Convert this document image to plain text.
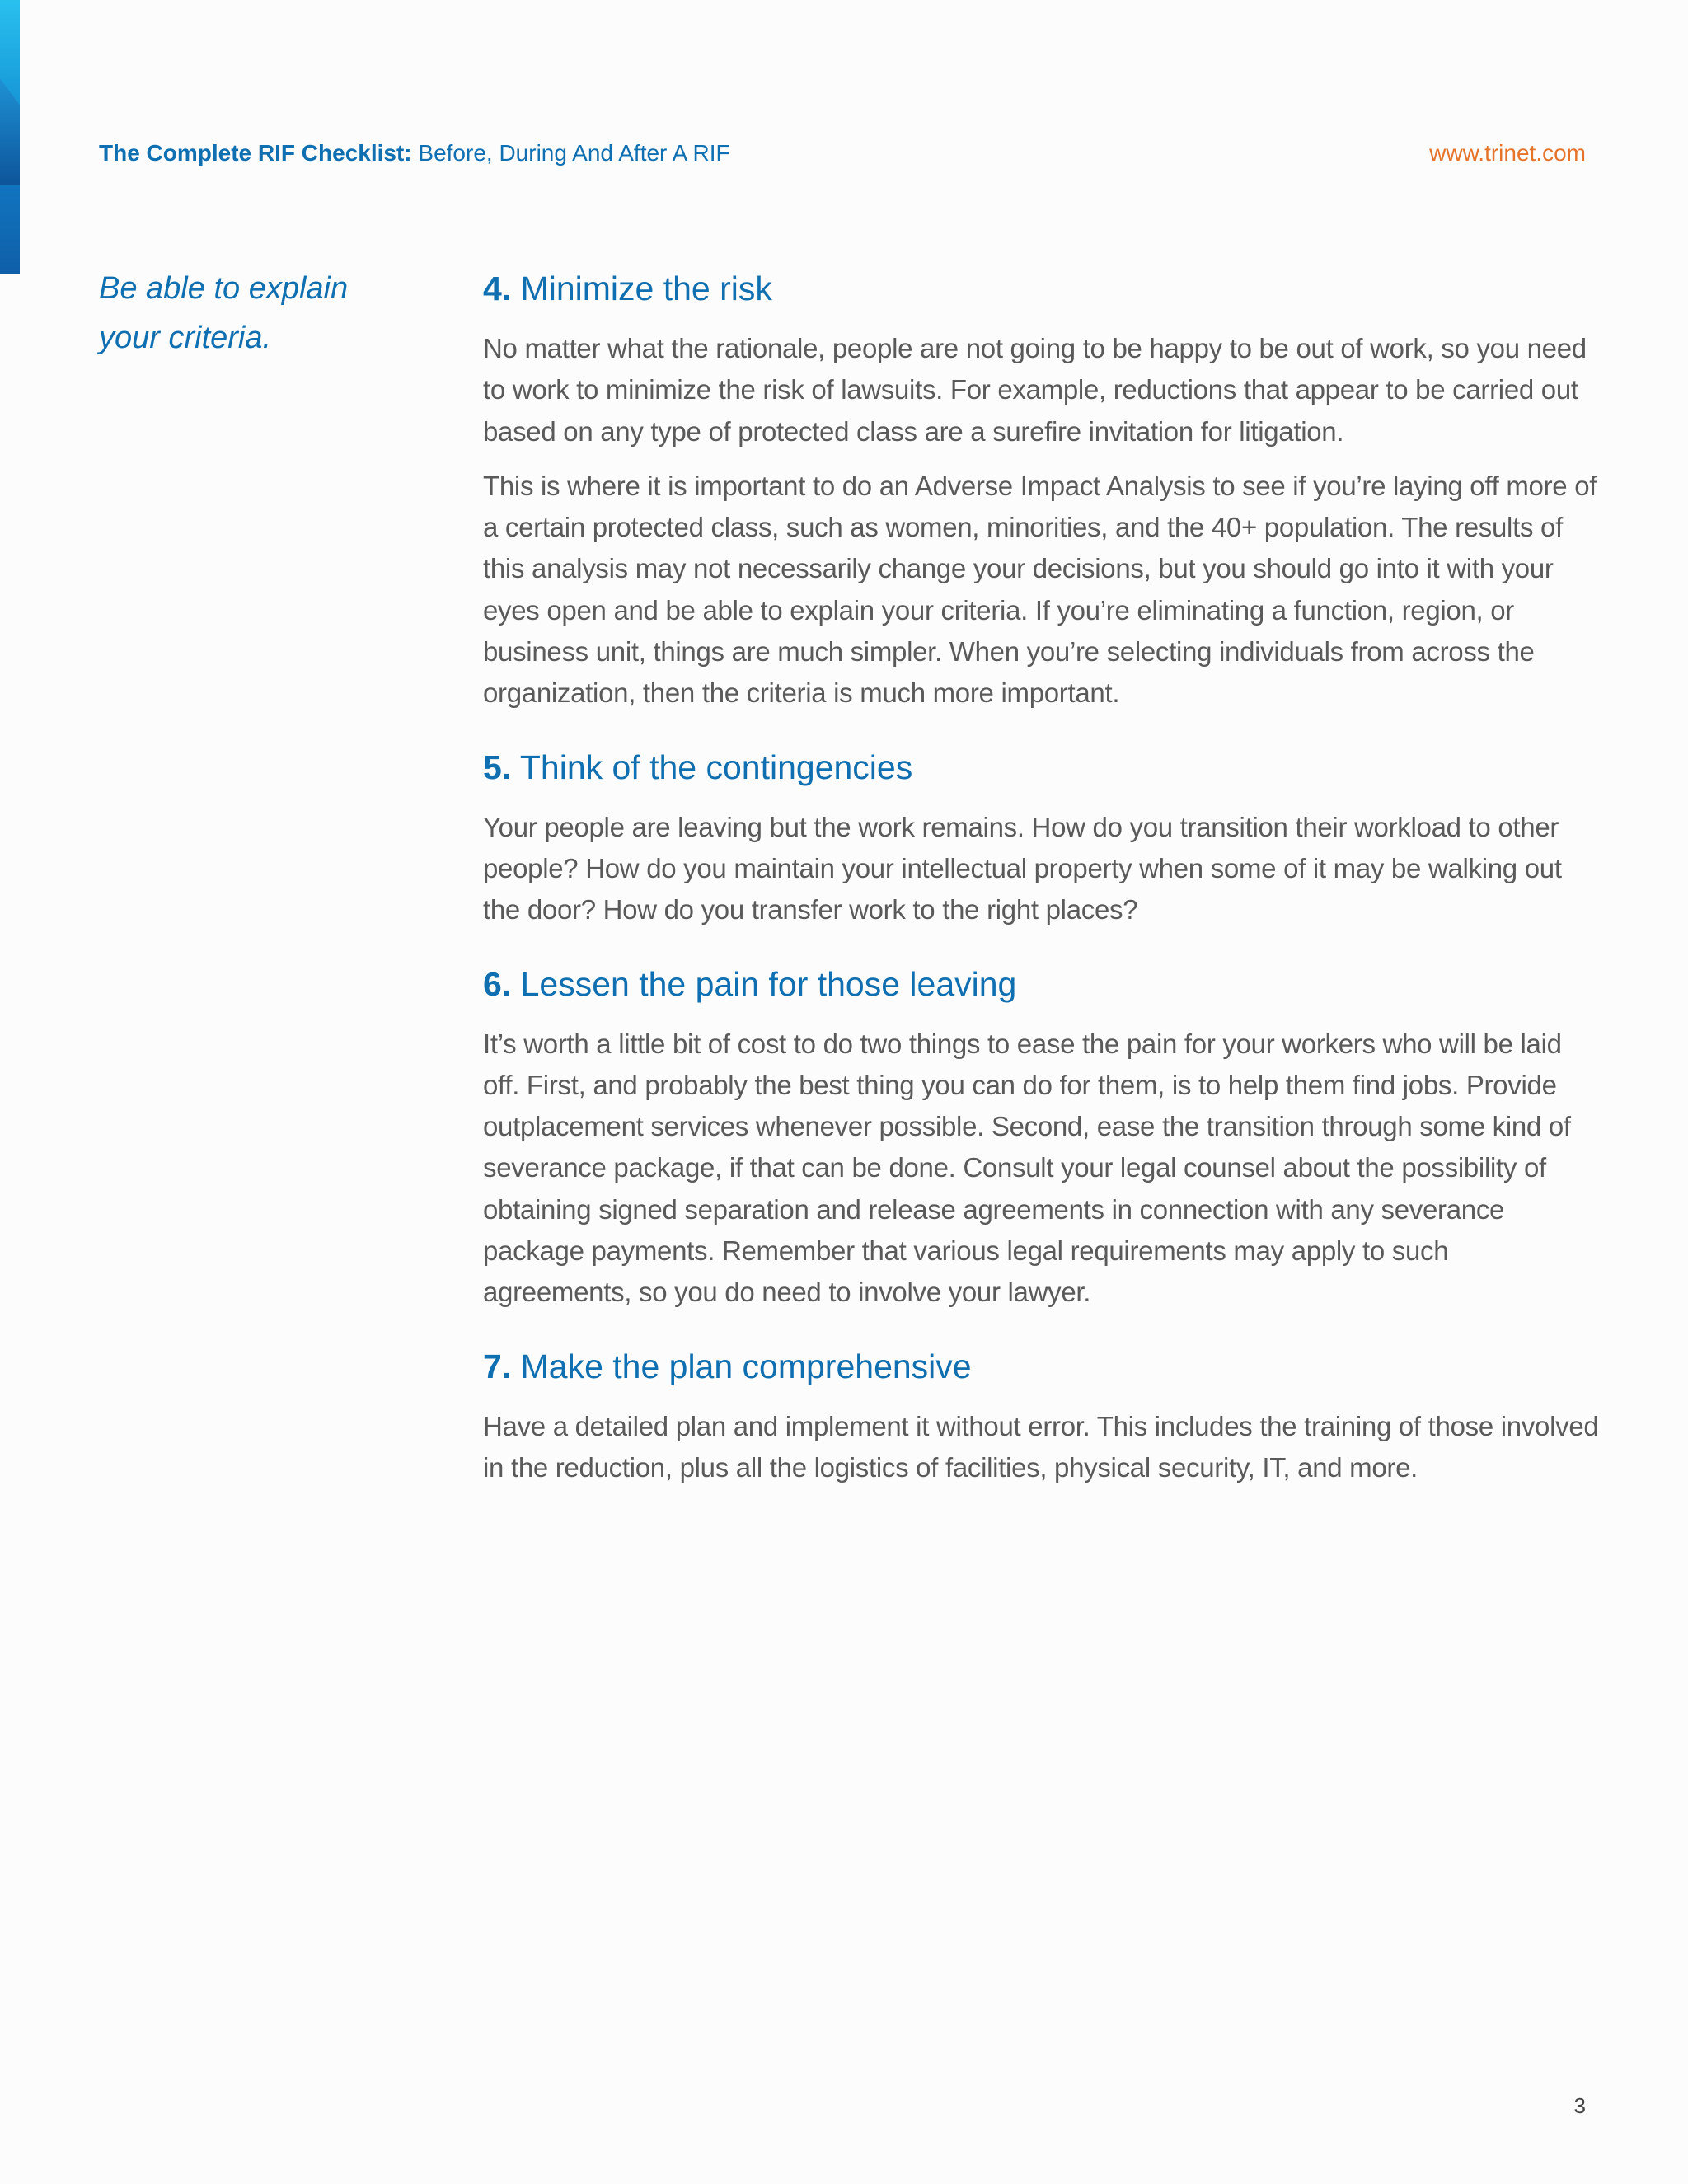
The Complete RIF Checklist: Before, During And After A RIF	www.trinet.com

Be able to explain
your criteria.

4. Minimize the risk

No matter what the rationale, people are not going to be happy to be out of work, so you need to work to minimize the risk of lawsuits. For example, reductions that appear to be carried out based on any type of protected class are a surefire invitation for litigation.

This is where it is important to do an Adverse Impact Analysis to see if you’re laying off more of a certain protected class, such as women, minorities, and the 40+ population. The results of this analysis may not necessarily change your decisions, but you should go into it with your eyes open and be able to explain your criteria. If you’re eliminating a function, region, or business unit, things are much simpler. When you’re selecting individuals from across the organization, then the criteria is much more important.

5. Think of the contingencies

Your people are leaving but the work remains. How do you transition their workload to other people? How do you maintain your intellectual property when some of it may be walking out the door? How do you transfer work to the right places?

6. Lessen the pain for those leaving

It’s worth a little bit of cost to do two things to ease the pain for your workers who will be laid off. First, and probably the best thing you can do for them, is to help them find jobs. Provide outplacement services whenever possible. Second, ease the transition through some kind of severance package, if that can be done. Consult your legal counsel about the possibility of obtaining signed separation and release agreements in connection with any severance package payments. Remember that various legal requirements may apply to such agreements, so you do need to involve your lawyer.

7. Make the plan comprehensive

Have a detailed plan and implement it without error. This includes the training of those involved in the reduction, plus all the logistics of facilities, physical security, IT, and more.

3
